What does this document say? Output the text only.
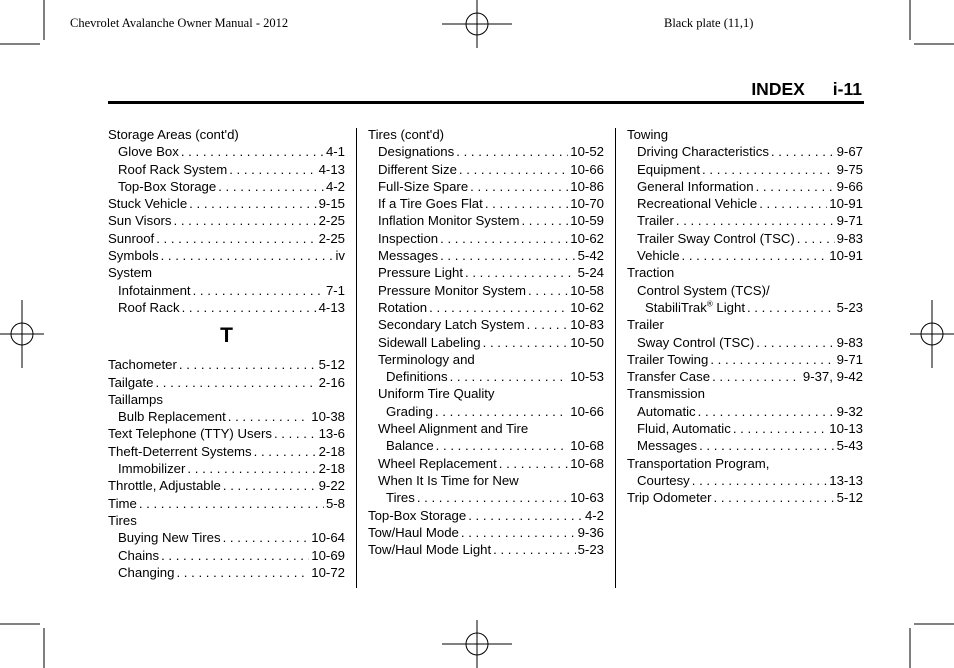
Chevrolet Avalanche Owner Manual - 2012	Black plate (11,1)
INDEX i-11
Storage Areas (cont'd)
Glove Box . . .	4-1
Roof Rack System . . .	4-13
Top-Box Storage . . .	4-2
Stuck Vehicle . . .	9-15
Sun Visors . . .	2-25
Sunroof . . .	2-25
Symbols . . .	iv
System
Infotainment . . .	7-1
Roof Rack . . .	4-13
T
Tachometer . . .	5-12
Tailgate . . .	2-16
Taillamps
Bulb Replacement . . .	10-38
Text Telephone (TTY) Users . . .	13-6
Theft-Deterrent Systems . . .	2-18
Immobilizer . . .	2-18
Throttle, Adjustable . . .	9-22
Time . . .	5-8
Tires
Buying New Tires . . .	10-64
Chains . . .	10-69
Changing . . .	10-72
Tires (cont'd)
Designations . . .	10-52
Different Size . . .	10-66
Full-Size Spare . . .	10-86
If a Tire Goes Flat . . .	10-70
Inflation Monitor System . . .	10-59
Inspection . . .	10-62
Messages . . .	5-42
Pressure Light . . .	5-24
Pressure Monitor System . . .	10-58
Rotation . . .	10-62
Secondary Latch System . . .	10-83
Sidewall Labeling . . .	10-50
Terminology and
Definitions . . .	10-53
Uniform Tire Quality
Grading . . .	10-66
Wheel Alignment and Tire
Balance . . .	10-68
Wheel Replacement . . .	10-68
When It Is Time for New
Tires . . .	10-63
Top-Box Storage . . .	4-2
Tow/Haul Mode . . .	9-36
Tow/Haul Mode Light . . .	5-23
Towing
Driving Characteristics . . .	9-67
Equipment . . .	9-75
General Information . . .	9-66
Recreational Vehicle . . .	10-91
Trailer . . .	9-71
Trailer Sway Control (TSC) . . .	9-83
Vehicle . . .	10-91
Traction
Control System (TCS)/
StabiliTrak® Light . . .	5-23
Trailer
Sway Control (TSC) . . .	9-83
Trailer Towing . . .	9-71
Transfer Case . . .	9-37, 9-42
Transmission
Automatic . . .	9-32
Fluid, Automatic . . .	10-13
Messages . . .	5-43
Transportation Program,
Courtesy . . .	13-13
Trip Odometer . . .	5-12
